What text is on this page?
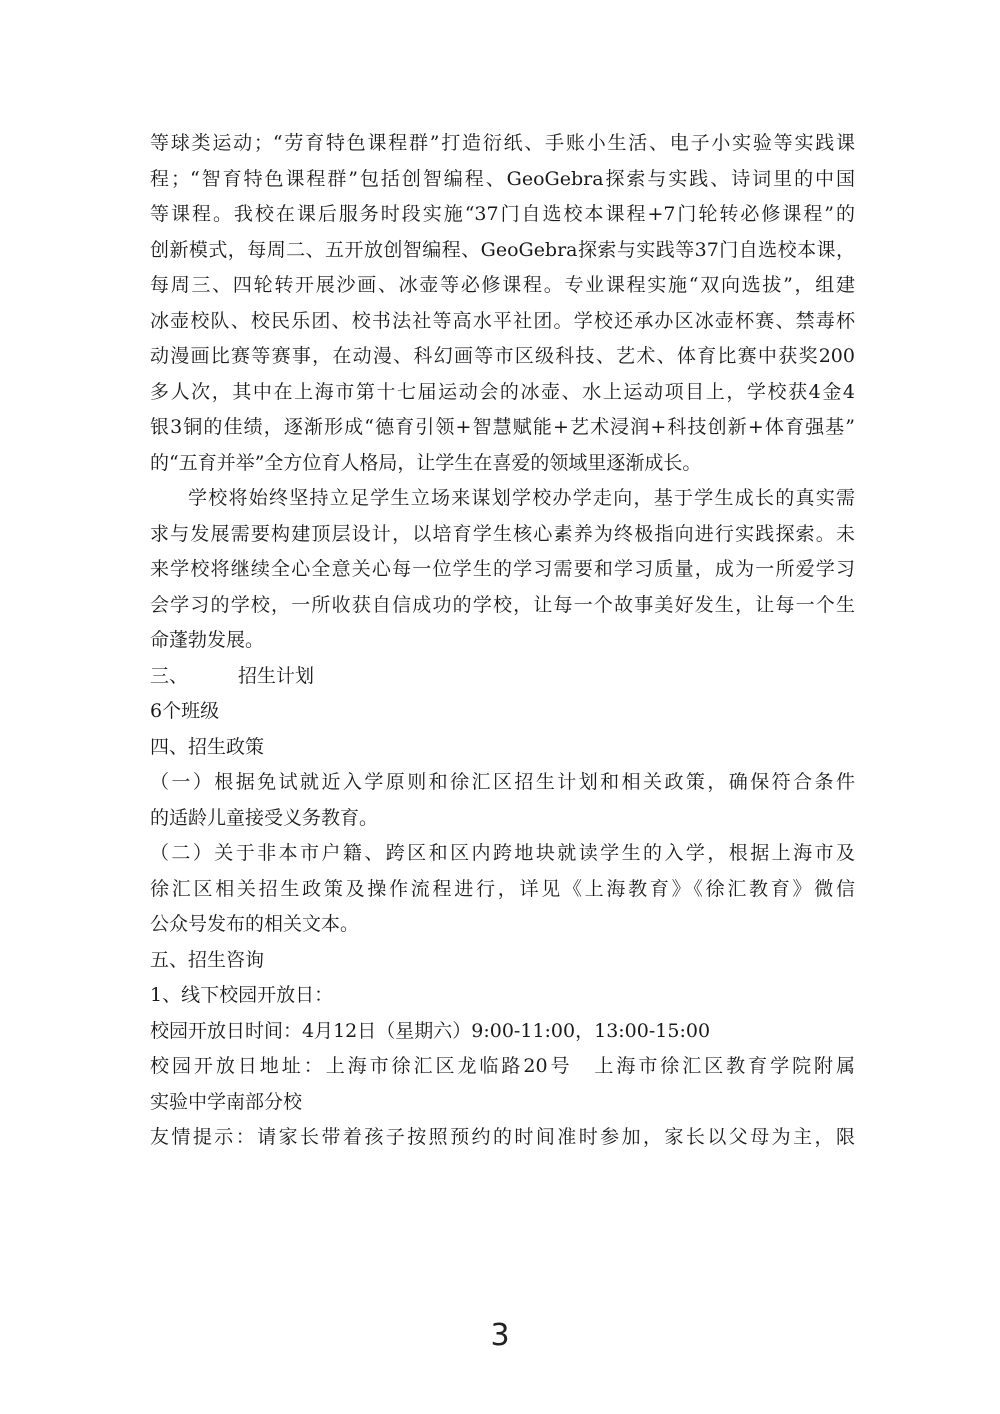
等球类运动；“劳育特色课程群”打造衍纸、手账小生活、电子小实验等实践课
程；“智育特色课程群”包括创智编程、GeoGebra探索与实践、诗词里的中国
等课程。我校在课后服务时段实施“37门自选校本课程+7门轮转必修课程”的
创新模式，每周二、五开放创智编程、GeoGebra探索与实践等37门自选校本课，
每周三、四轮转开展沙画、冰壶等必修课程。专业课程实施“双向选拔”，组建
冰壶校队、校民乐团、校书法社等高水平社团。学校还承办区冰壶杯赛、禁毒杯
动漫画比赛等赛事，在动漫、科幻画等市区级科技、艺术、体育比赛中获奖200
多人次，其中在上海市第十七届运动会的冰壶、水上运动项目上，学校获4金4
银3铜的佳绩，逐渐形成“德育引领+智慧赋能+艺术浸润+科技创新+体育强基”
的“五育并举”全方位育人格局，让学生在喜爱的领域里逐渐成长。
学校将始终坚持立足学生立场来谋划学校办学走向，基于学生成长的真实需
求与发展需要构建顶层设计，以培育学生核心素养为终极指向进行实践探索。未
来学校将继续全心全意关心每一位学生的学习需要和学习质量，成为一所爱学习
会学习的学校，一所收获自信成功的学校，让每一个故事美好发生，让每一个生
命蓬勃发展。
三、	招生计划
6个班级
四、招生政策
（一）根据免试就近入学原则和徐汇区招生计划和相关政策，确保符合条件
的适龄儿童接受义务教育。
（二）关于非本市户籍、跨区和区内跨地块就读学生的入学，根据上海市及
徐汇区相关招生政策及操作流程进行，详见《上海教育》《徐汇教育》微信
公众号发布的相关文本。
五、招生咨询
1、线下校园开放日：
校园开放日时间：4月12日（星期六）9:00-11:00，13:00-15:00
校园开放日地址：上海市徐汇区龙临路20号　上海市徐汇区教育学院附属
实验中学南部分校
友情提示：请家长带着孩子按照预约的时间准时参加，家长以父母为主，限
3
